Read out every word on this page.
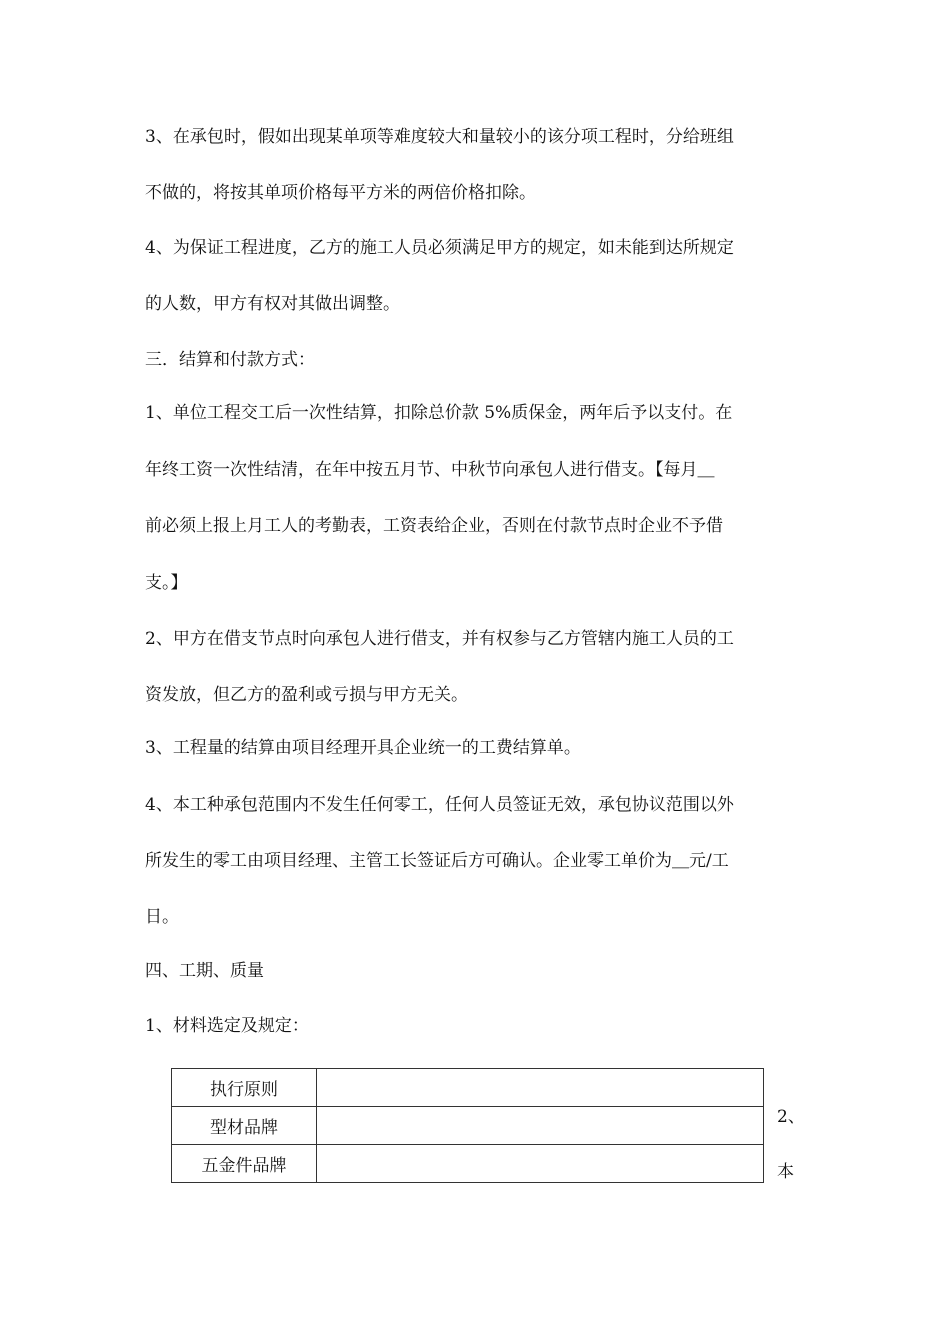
3、在承包时，假如出现某单项等难度较大和量较小的该分项工程时，分给班组
不做的，将按其单项价格每平方米的两倍价格扣除。
4、为保证工程进度，乙方的施工人员必须满足甲方的规定，如未能到达所规定
的人数，甲方有权对其做出调整。
三．结算和付款方式：
1、单位工程交工后一次性结算，扣除总价款 5%质保金，两年后予以支付。在
年终工资一次性结清，在年中按五月节、中秋节向承包人进行借支。【每月＿
前必须上报上月工人的考勤表，工资表给企业，否则在付款节点时企业不予借
支。】
2、甲方在借支节点时向承包人进行借支，并有权参与乙方管辖内施工人员的工
资发放，但乙方的盈利或亏损与甲方无关。
3、工程量的结算由项目经理开具企业统一的工费结算单。
4、本工种承包范围内不发生任何零工，任何人员签证无效，承包协议范围以外
所发生的零工由项目经理、主管工长签证后方可确认。企业零工单价为＿元/工
日。
四、工期、质量
1、材料选定及规定：
执行原则	
型材品牌	
五金件品牌	
2、
本
